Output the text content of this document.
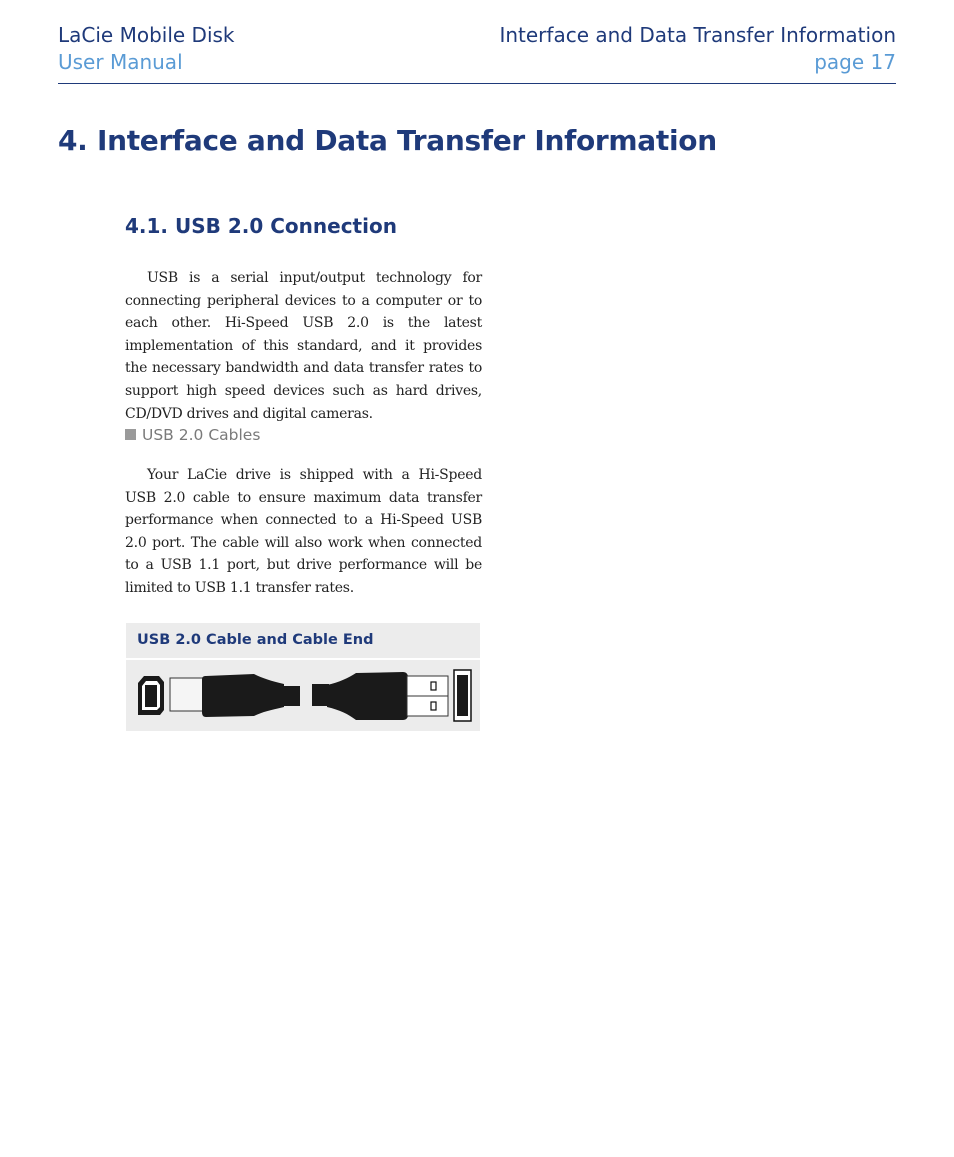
LaCie Mobile Disk
User Manual
Interface and Data Transfer Information
page 17
4. Interface and Data Transfer Information
4.1. USB 2.0 Connection

USB is a serial input/output technology for connecting peripheral devices to a computer or to each other. Hi-Speed USB 2.0 is the latest implementation of this standard, and it provides the necessary bandwidth and data transfer rates to support high speed devices such as hard drives, CD/DVD drives and digital cameras.

USB 2.0 Cables

Your LaCie drive is shipped with a Hi-Speed USB 2.0 cable to ensure maximum data transfer performance when connected to a Hi-Speed USB 2.0 port. The cable will also work when connected to a USB 1.1 port, but drive performance will be limited to USB 1.1 transfer rates.

USB 2.0 Cable and Cable End
